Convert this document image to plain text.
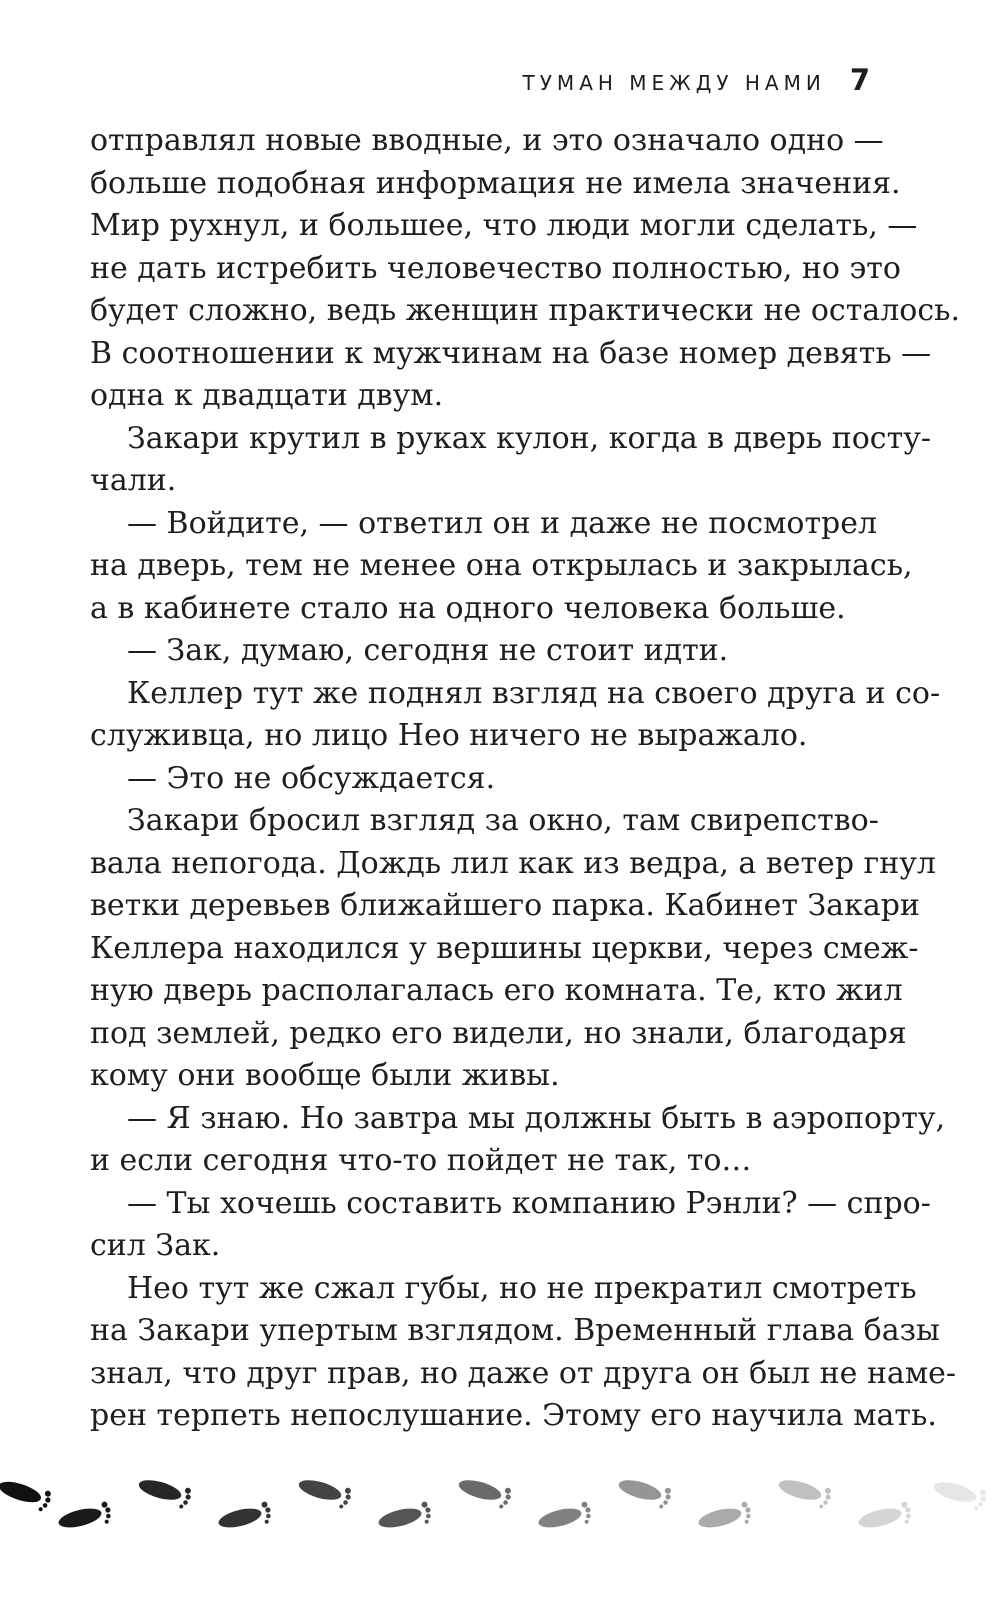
ТУМАН МЕЖДУ НАМИ 7
отправлял новые вводные, и это означало одно —
больше подобная информация не имела значения.
Мир рухнул, и большее, что люди могли сделать, —
не дать истребить человечество полностью, но это
будет сложно, ведь женщин практически не осталось.
В соотношении к мужчинам на базе номер девять —
одна к двадцати двум.
Закари крутил в руках кулон, когда в дверь посту-
чали.
— Войдите, — ответил он и даже не посмотрел
на дверь, тем не менее она открылась и закрылась,
а в кабинете стало на одного человека больше.
— Зак, думаю, сегодня не стоит идти.
Келлер тут же поднял взгляд на своего друга и со-
служивца, но лицо Нео ничего не выражало.
— Это не обсуждается.
Закари бросил взгляд за окно, там свирепство-
вала непогода. Дождь лил как из ведра, а ветер гнул
ветки деревьев ближайшего парка. Кабинет Закари
Келлера находился у вершины церкви, через смеж-
ную дверь располагалась его комната. Те, кто жил
под землей, редко его видели, но знали, благодаря
кому они вообще были живы.
— Я знаю. Но завтра мы должны быть в аэропорту,
и если сегодня что-то пойдет не так, то…
— Ты хочешь составить компанию Рэнли? — спро-
сил Зак.
Нео тут же сжал губы, но не прекратил смотреть
на Закари упертым взглядом. Временный глава базы
знал, что друг прав, но даже от друга он был не наме-
рен терпеть непослушание. Этому его научила мать.
